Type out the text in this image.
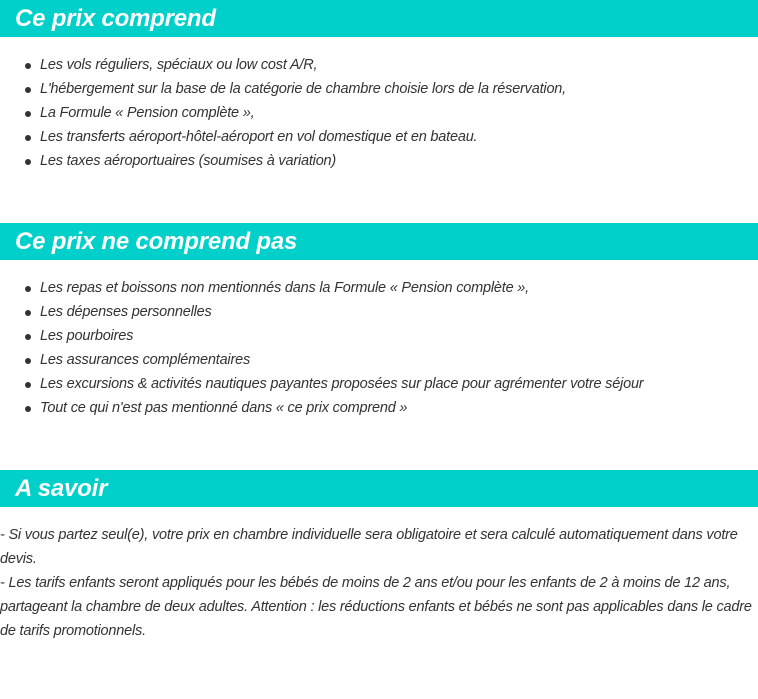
Ce prix comprend
Les vols réguliers, spéciaux ou low cost A/R,
L'hébergement sur la base de la catégorie de chambre choisie lors de la réservation,
La Formule « Pension complète »,
Les transferts aéroport-hôtel-aéroport en vol domestique et en bateau.
Les taxes aéroportuaires (soumises à variation)
Ce prix ne comprend pas
Les repas et boissons non mentionnés dans la Formule « Pension complète »,
Les dépenses personnelles
Les pourboires
Les assurances complémentaires
Les excursions & activités nautiques payantes proposées sur place pour agrémenter votre séjour
Tout ce qui n'est pas mentionné dans « ce prix comprend »
A savoir

- Si vous partez seul(e), votre prix en chambre individuelle sera obligatoire et sera calculé automatiquement dans votre devis.

- Les tarifs enfants seront appliqués pour les bébés de moins de 2 ans et/ou pour les enfants de 2 à moins de 12 ans, partageant la chambre de deux adultes. Attention : les réductions enfants et bébés ne sont pas applicables dans le cadre de tarifs promotionnels.
